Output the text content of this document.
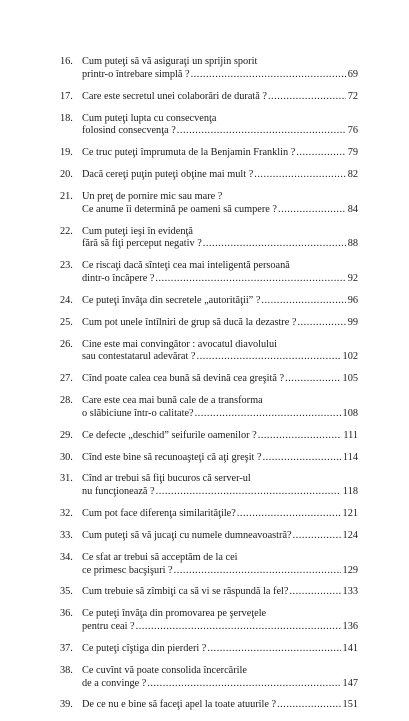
16. Cum puteţi să vă asiguraţi un sprijin sporit
printr-o întrebare simplă ? .....	69
17. Care este secretul unei colaborări de durată ? .....	72
18. Cum puteţi lupta cu consecvenţa
folosind consecvenţa ? .....	76
19. Ce truc puteţi împrumuta de la Benjamin Franklin ? .....	79
20. Dacă cereţi puţin puteţi obţine mai mult ? .....	82
21. Un preţ de pornire mic sau mare ?
Ce anume îi determină pe oameni să cumpere ? .....	84
22. Cum puteţi ieşi în evidenţă
fără să fiţi perceput negativ ? .....	88
23. Ce riscaţi dacă sînteţi cea mai inteligentă persoană
dintr-o încăpere ? .....	92
24. Ce puteţi învăţa din secretele „autorităţii” ? .....	96
25. Cum pot unele întîlniri de grup să ducă la dezastre ? .....	99
26. Cine este mai convingător : avocatul diavolului
sau contestatarul adevărat ? .....	102
27. Cînd poate calea cea bună să devină cea greşită ? .....	105
28. Care este cea mai bună cale de a transforma
o slăbiciune într-o calitate? .....	108
29. Ce defecte „deschid” seifurile oamenilor ? .....	111
30. Cînd este bine să recunoaşteţi că aţi greşit ? .....	114
31. Cînd ar trebui să fiţi bucuros că server-ul
nu funcţionează ? .....	118
32. Cum pot face diferenţa similarităţile? .....	121
33. Cum puteţi să vă jucaţi cu numele dumneavoastră? .....	124
34. Ce sfat ar trebui să acceptăm de la cei
ce primesc bacşişuri ? .....	129
35. Cum trebuie să zîmbiţi ca să vi se răspundă la fel? .....	133
36. Ce puteţi învăţa din promovarea pe şerveţele
pentru ceai ? .....	136
37. Ce puteţi cîştiga din pierderi ? .....	141
38. Ce cuvînt vă poate consolida încercările
de a convinge ? .....	147
39. De ce nu e bine să faceţi apel la toate atuurile ? .....	151
